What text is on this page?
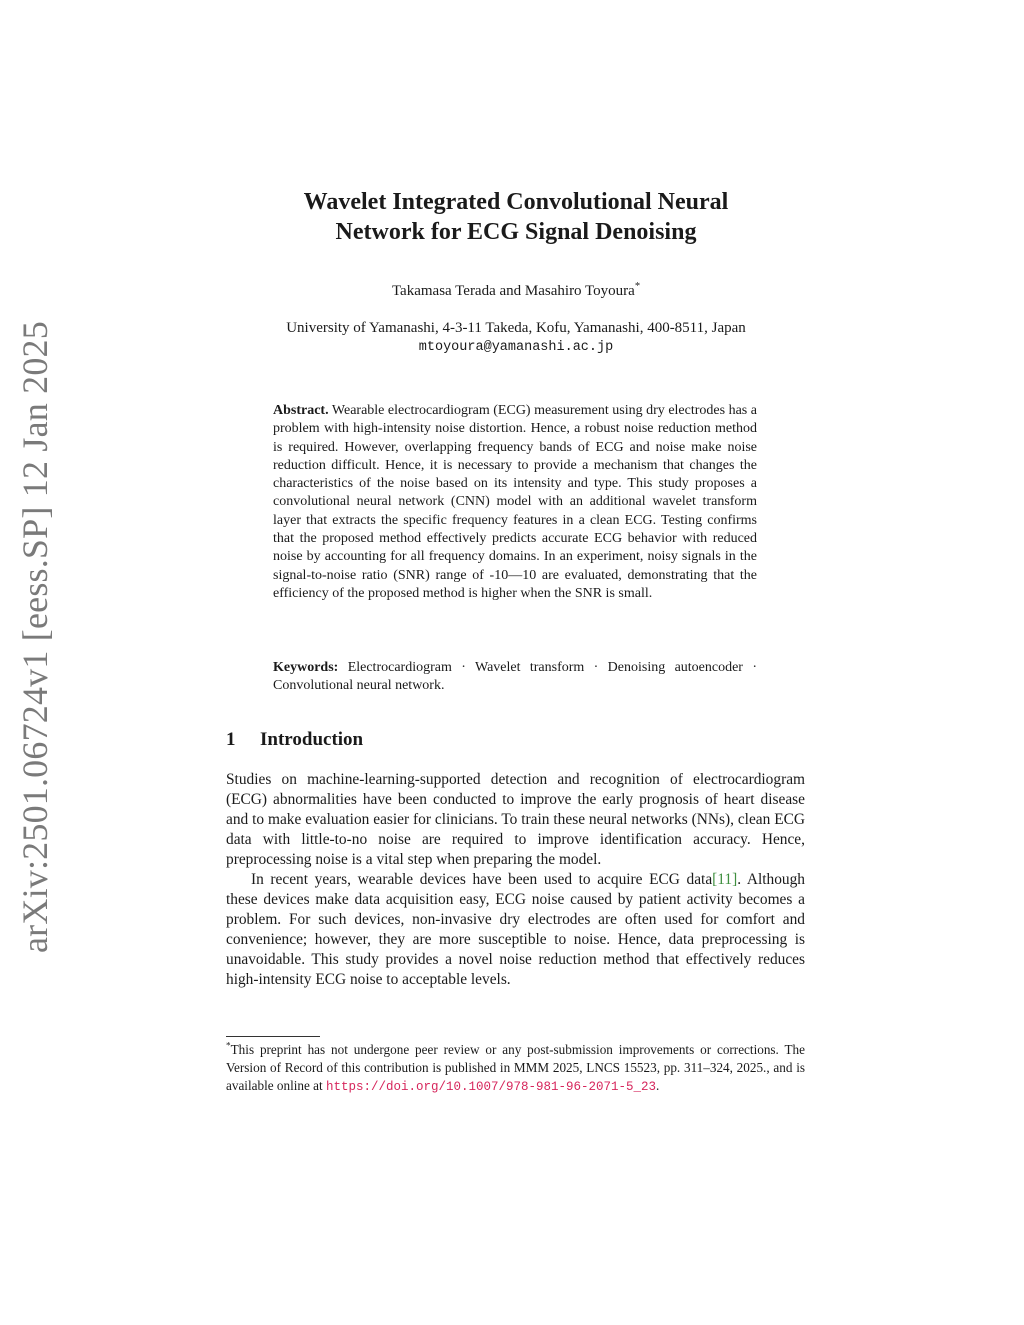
arXiv:2501.06724v1 [eess.SP] 12 Jan 2025
Wavelet Integrated Convolutional Neural
Network for ECG Signal Denoising
Takamasa Terada and Masahiro Toyoura*
University of Yamanashi, 4-3-11 Takeda, Kofu, Yamanashi, 400-8511, Japan
mtoyoura@yamanashi.ac.jp
Abstract. Wearable electrocardiogram (ECG) measurement using dry electrodes has a problem with high-intensity noise distortion. Hence, a robust noise reduction method is required. However, overlapping frequency bands of ECG and noise make noise reduction difficult. Hence, it is necessary to provide a mechanism that changes the characteristics of the noise based on its intensity and type. This study proposes a convolutional neural network (CNN) model with an additional wavelet transform layer that extracts the specific frequency features in a clean ECG. Testing confirms that the proposed method effectively predicts accurate ECG behavior with reduced noise by accounting for all frequency domains. In an experiment, noisy signals in the signal-to-noise ratio (SNR) range of -10—10 are evaluated, demonstrating that the efficiency of the proposed method is higher when the SNR is small.
Keywords: Electrocardiogram · Wavelet transform · Denoising autoencoder · Convolutional neural network.
1 Introduction

Studies on machine-learning-supported detection and recognition of electrocardiogram (ECG) abnormalities have been conducted to improve the early prognosis of heart disease and to make evaluation easier for clinicians. To train these neural networks (NNs), clean ECG data with little-to-no noise are required to improve identification accuracy. Hence, preprocessing noise is a vital step when preparing the model.

In recent years, wearable devices have been used to acquire ECG data[11]. Although these devices make data acquisition easy, ECG noise caused by patient activity becomes a problem. For such devices, non-invasive dry electrodes are often used for comfort and convenience; however, they are more susceptible to noise. Hence, data preprocessing is unavoidable. This study provides a novel noise reduction method that effectively reduces high-intensity ECG noise to acceptable levels.

*This preprint has not undergone peer review or any post-submission improvements or corrections. The Version of Record of this contribution is published in MMM 2025, LNCS 15523, pp. 311–324, 2025., and is available online at https://doi.org/10.1007/978-981-96-2071-5_23.
